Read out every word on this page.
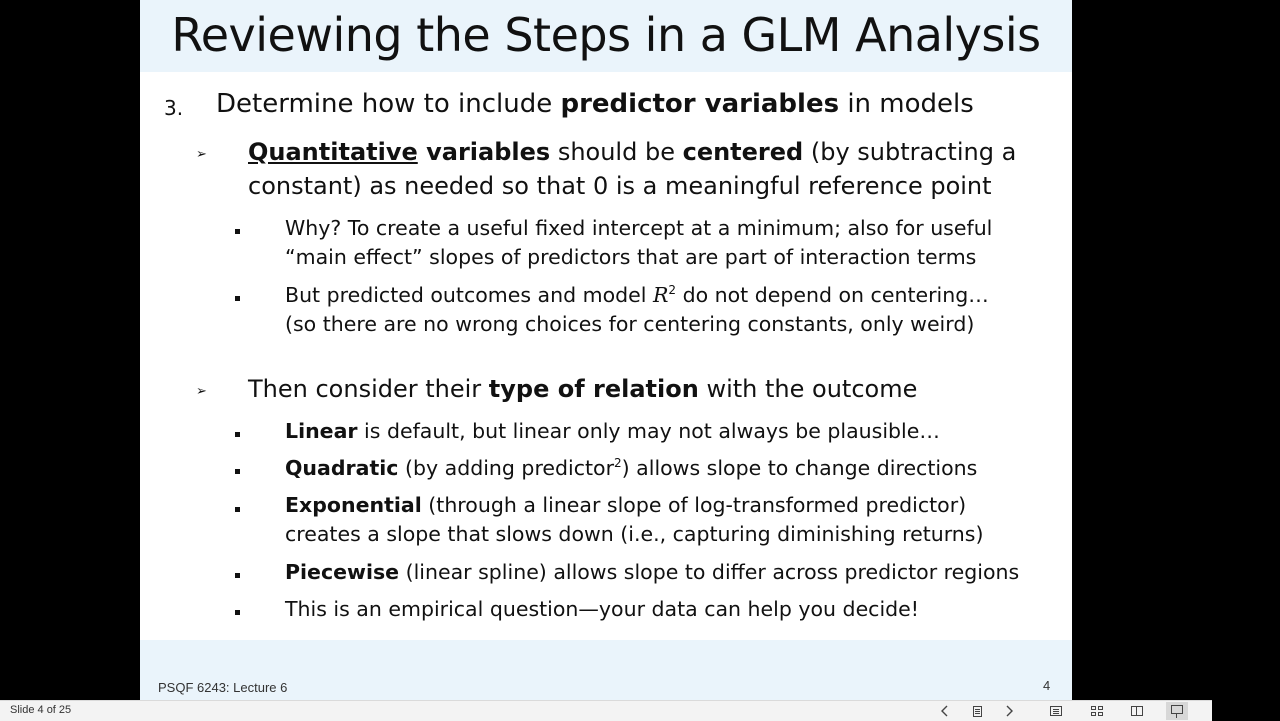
Reviewing the Steps in a GLM Analysis
3. Determine how to include predictor variables in models
➢ Quantitative variables should be centered (by subtracting a
constant) as needed so that 0 is a meaningful reference point
Why? To create a useful fixed intercept at a minimum; also for useful
“main effect” slopes of predictors that are part of interaction terms
But predicted outcomes and model $R^2$ do not depend on centering…
(so there are no wrong choices for centering constants, only weird)
➢ Then consider their type of relation with the outcome
Linear is default, but linear only may not always be plausible…
Quadratic (by adding predictor$^2$) allows slope to change directions
Exponential (through a linear slope of log-transformed predictor)
creates a slope that slows down (i.e., capturing diminishing returns)
Piecewise (linear spline) allows slope to differ across predictor regions
This is an empirical question—your data can help you decide!
PSQF 6243: Lecture 6	4
Slide 4 of 25
